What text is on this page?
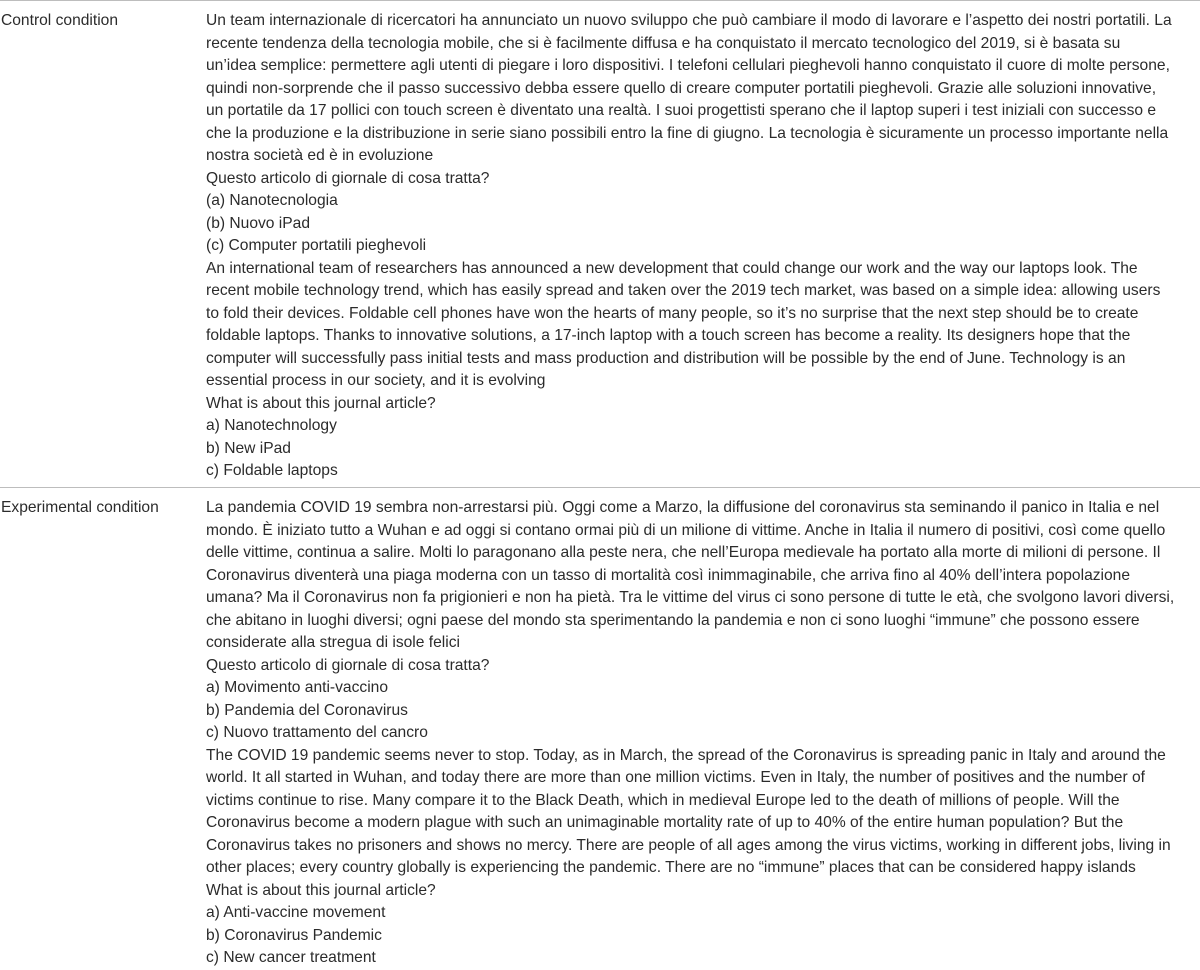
Control condition	Un team internazionale di ricercatori ha annunciato un nuovo sviluppo che può cambiare il modo di lavorare e l’aspetto dei nostri portatili. La
recente tendenza della tecnologia mobile, che si è facilmente diffusa e ha conquistato il mercato tecnologico del 2019, si è basata su
un’idea semplice: permettere agli utenti di piegare i loro dispositivi. I telefoni cellulari pieghevoli hanno conquistato il cuore di molte persone,
quindi non-sorprende che il passo successivo debba essere quello di creare computer portatili pieghevoli. Grazie alle soluzioni innovative,
un portatile da 17 pollici con touch screen è diventato una realtà. I suoi progettisti sperano che il laptop superi i test iniziali con successo e
che la produzione e la distribuzione in serie siano possibili entro la fine di giugno. La tecnologia è sicuramente un processo importante nella
nostra società ed è in evoluzione

Questo articolo di giornale di cosa tratta?
(a) Nanotecnologia
(b) Nuovo iPad
(c) Computer portatili pieghevoli

An international team of researchers has announced a new development that could change our work and the way our laptops look. The
recent mobile technology trend, which has easily spread and taken over the 2019 tech market, was based on a simple idea: allowing users
to fold their devices. Foldable cell phones have won the hearts of many people, so it’s no surprise that the next step should be to create
foldable laptops. Thanks to innovative solutions, a 17-inch laptop with a touch screen has become a reality. Its designers hope that the
computer will successfully pass initial tests and mass production and distribution will be possible by the end of June. Technology is an
essential process in our society, and it is evolving

What is about this journal article?
a) Nanotechnology
b) New iPad
c) Foldable laptops
Experimental condition	La pandemia COVID 19 sembra non-arrestarsi più. Oggi come a Marzo, la diffusione del coronavirus sta seminando il panico in Italia e nel
mondo. È iniziato tutto a Wuhan e ad oggi si contano ormai più di un milione di vittime. Anche in Italia il numero di positivi, così come quello
delle vittime, continua a salire. Molti lo paragonano alla peste nera, che nell’Europa medievale ha portato alla morte di milioni di persone. Il
Coronavirus diventerà una piaga moderna con un tasso di mortalità così inimmaginabile, che arriva fino al 40% dell’intera popolazione
umana? Ma il Coronavirus non fa prigionieri e non ha pietà. Tra le vittime del virus ci sono persone di tutte le età, che svolgono lavori diversi,
che abitano in luoghi diversi; ogni paese del mondo sta sperimentando la pandemia e non ci sono luoghi “immune” che possono essere
considerate alla stregua di isole felici

Questo articolo di giornale di cosa tratta?
a) Movimento anti-vaccino
b) Pandemia del Coronavirus
c) Nuovo trattamento del cancro

The COVID 19 pandemic seems never to stop. Today, as in March, the spread of the Coronavirus is spreading panic in Italy and around the
world. It all started in Wuhan, and today there are more than one million victims. Even in Italy, the number of positives and the number of
victims continue to rise. Many compare it to the Black Death, which in medieval Europe led to the death of millions of people. Will the
Coronavirus become a modern plague with such an unimaginable mortality rate of up to 40% of the entire human population? But the
Coronavirus takes no prisoners and shows no mercy. There are people of all ages among the virus victims, working in different jobs, living in
other places; every country globally is experiencing the pandemic. There are no “immune” places that can be considered happy islands

What is about this journal article?
a) Anti-vaccine movement
b) Coronavirus Pandemic
c) New cancer treatment
